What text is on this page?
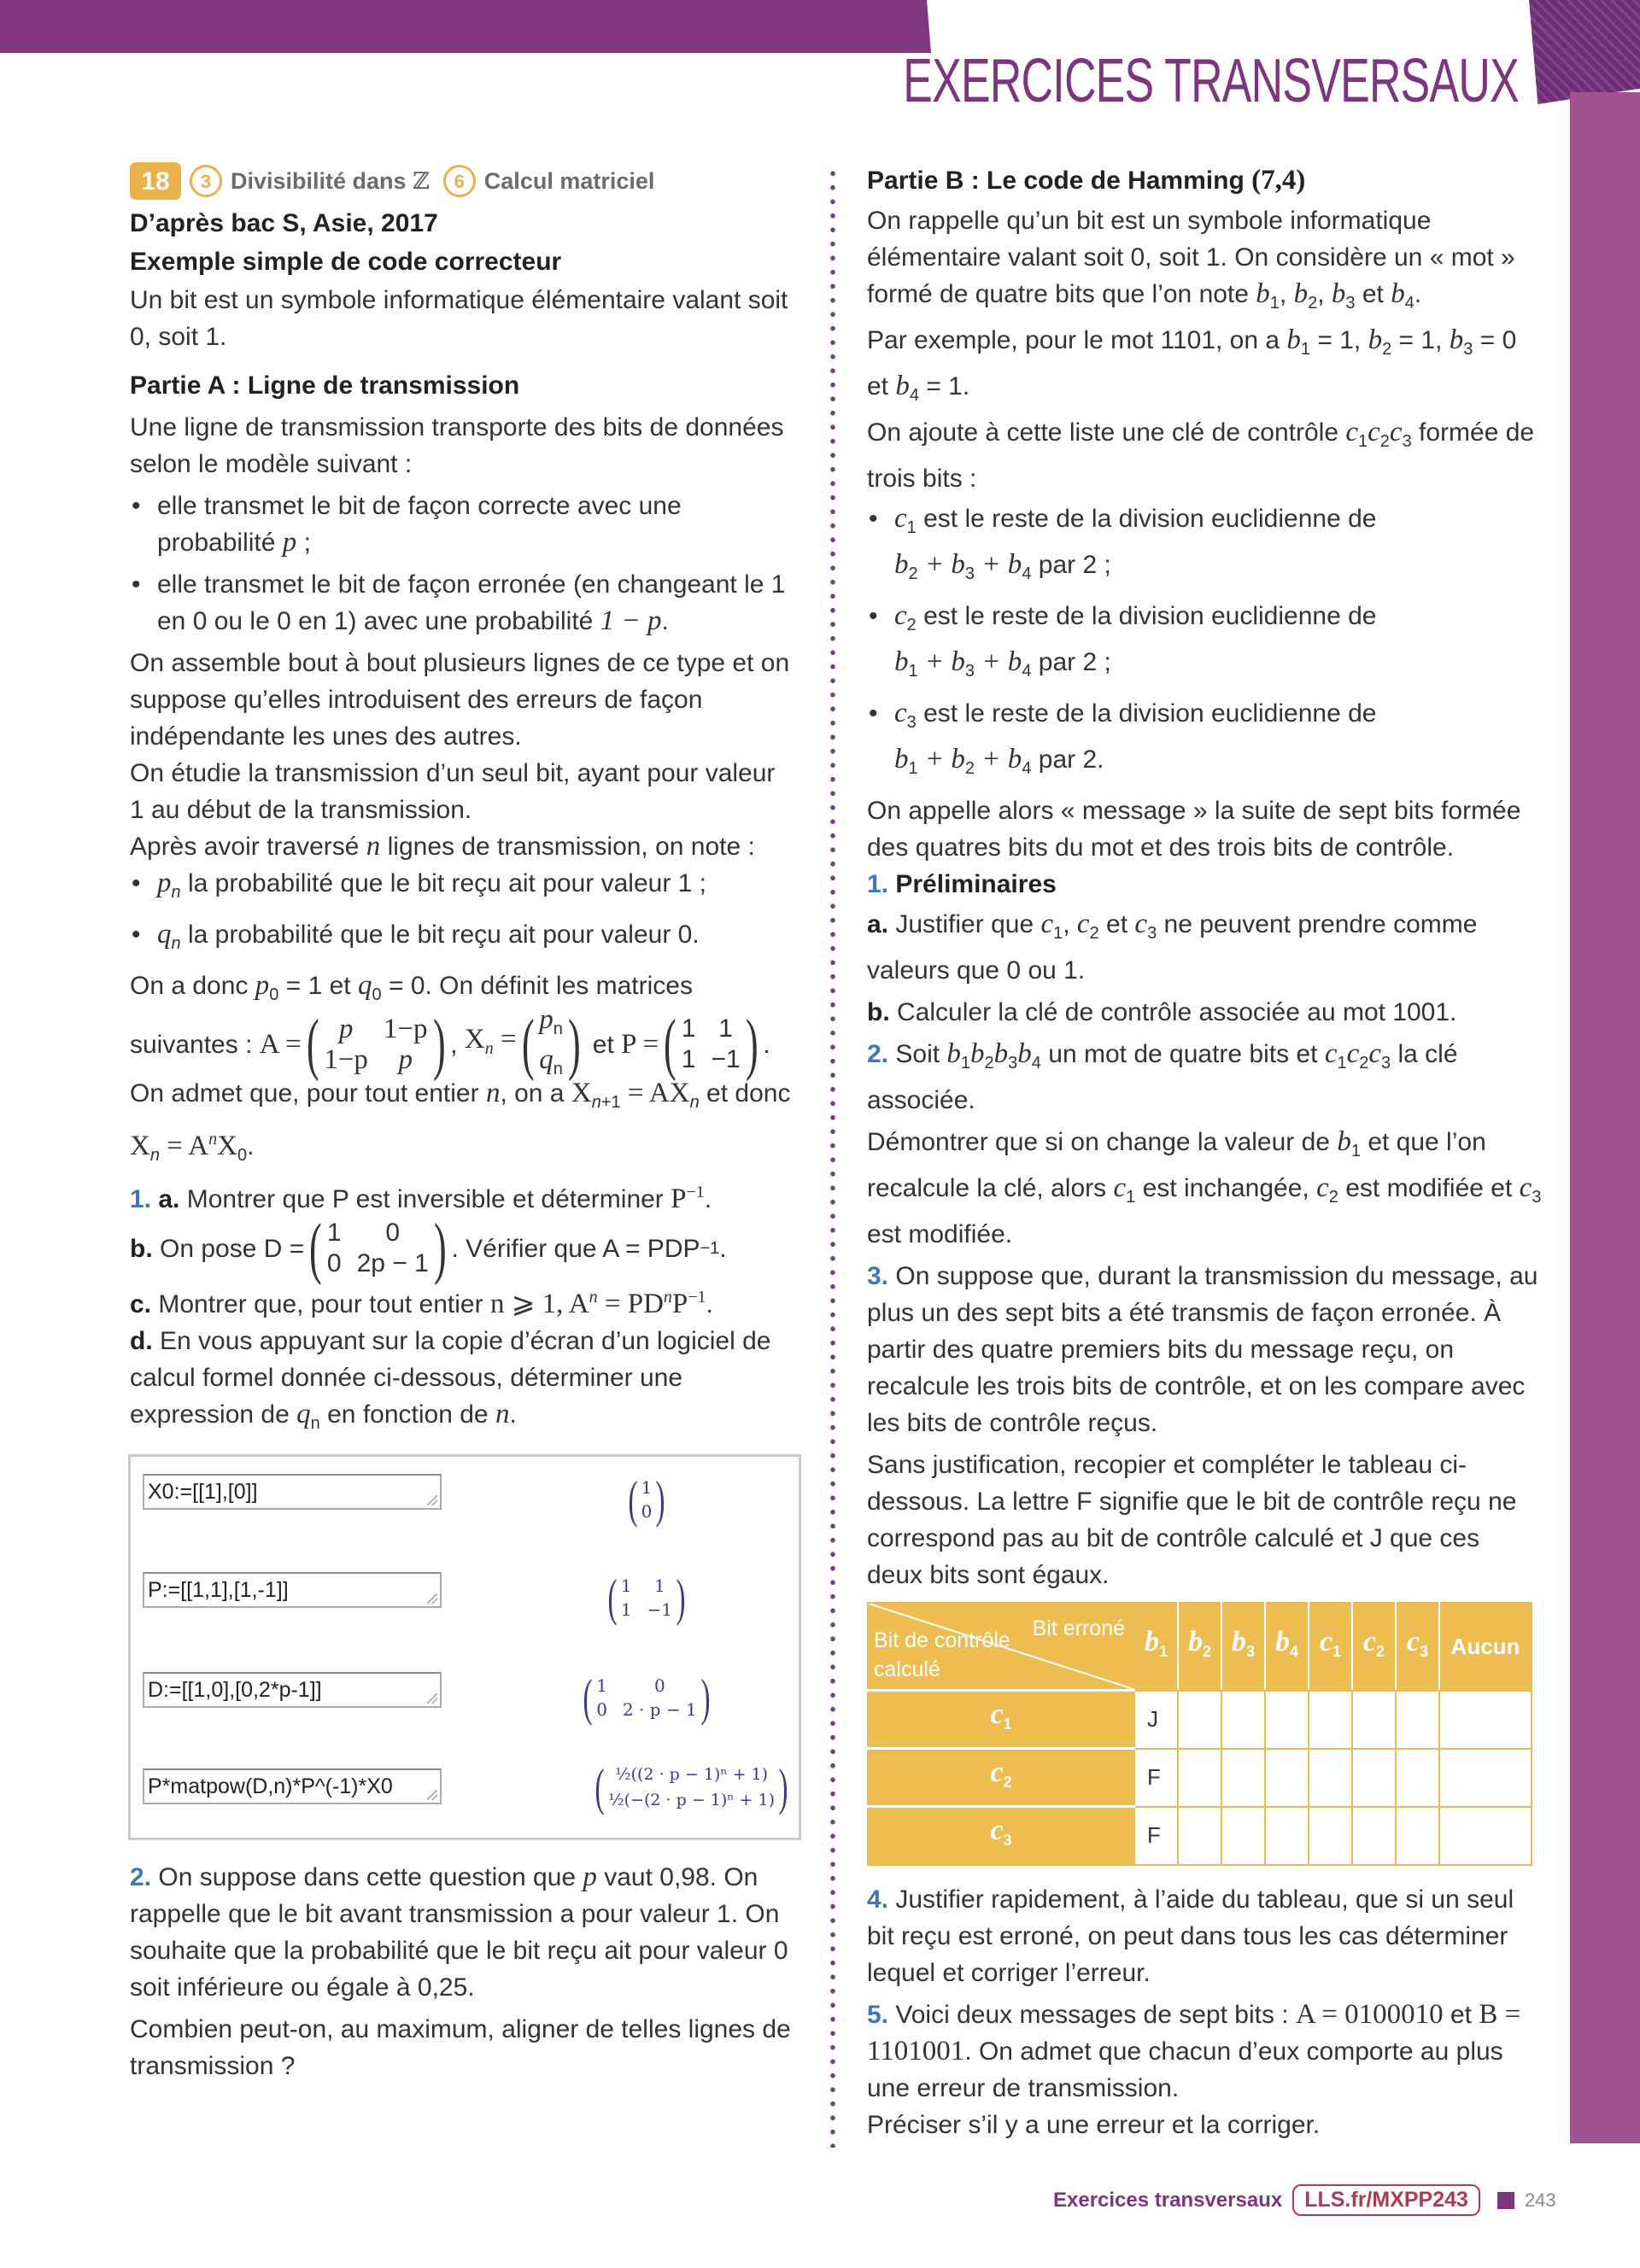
EXERCICES TRANSVERSAUX
18	3 Divisibilité dans ℤ	6 Calcul matriciel

D’après bac S, Asie, 2017

Exemple simple de code correcteur

Un bit est un symbole informatique élémentaire valant soit 0, soit 1.

Partie A : Ligne de transmission

Une ligne de transmission transporte des bits de données selon le modèle suivant :

• elle transmet le bit de façon correcte avec une probabilité p ;
• elle transmet le bit de façon erronée (en changeant le 1 en 0 ou le 0 en 1) avec une probabilité 1 − p.

On assemble bout à bout plusieurs lignes de ce type et on suppose qu’elles introduisent des erreurs de façon indépendante les unes des autres.

On étudie la transmission d’un seul bit, ayant pour valeur 1 au début de la transmission.

Après avoir traversé n lignes de transmission, on note :

• $p_n$ la probabilité que le bit reçu ait pour valeur 1 ;
• $q_n$ la probabilité que le bit reçu ait pour valeur 0.

On a donc $p_0 = 1$ et $q_0 = 0$. On définit les matrices

suivantes :
A = ( p	1−p
1−p	p ) , $X_n$ = ( $p_n$
$q_n$ ) et P = ( 1 1
1 −1 ) .

On admet que, pour tout entier n, on a $X_{n+1} = AX_n$ et donc $X_n = A^nX_0$.

1. a. Montrer que P est inversible et déterminer $P^{-1}$.

b.
On pose D = ( 1	0
0 2p − 1 ) . Vérifier que A = PDP −1 .

c. Montrer que, pour tout entier n ⩾ 1, $A^n = PD^nP^{-1}$.

d. En vous appuyant sur la copie d’écran d’un logiciel de calcul formel donnée ci-dessous, déterminer une expression de $q_n$ en fonction de n.

X0:=[[1],[0]]	( 1
0 )
P:=[[1,1],[1,-1]]	( 1	1
1 −1 )
D:=[[1,0],[0,2*p-1]]	( 1	0
0 2 · p − 1 )
P*matpow(D,n)*P^(-1)*X0	( ½((2 · p − 1)ⁿ + 1)
½(−(2 · p − 1)ⁿ + 1) )

2. On suppose dans cette question que p vaut 0,98. On rappelle que le bit avant transmission a pour valeur 1. On souhaite que la probabilité que le bit reçu ait pour valeur 0 soit inférieure ou égale à 0,25.

Combien peut-on, au maximum, aligner de telles lignes de transmission ?

Partie B : Le code de Hamming (7,4)

On rappelle qu’un bit est un symbole informatique élémentaire valant soit 0, soit 1. On considère un « mot » formé de quatre bits que l’on note $b_1$, $b_2$, $b_3$ et $b_4$.

Par exemple, pour le mot 1101, on a $b_1 = 1$, $b_2 = 1$, $b_3 = 0$ et $b_4 = 1$.

On ajoute à cette liste une clé de contrôle $c_1c_2c_3$ formée de trois bits :

• $c_1$ est le reste de la division euclidienne de
$b_2 + b_3 + b_4$ par 2 ;
• $c_2$ est le reste de la division euclidienne de
$b_1 + b_3 + b_4$ par 2 ;
• $c_3$ est le reste de la division euclidienne de
$b_1 + b_2 + b_4$ par 2.

On appelle alors « message » la suite de sept bits formée des quatres bits du mot et des trois bits de contrôle.

1. Préliminaires

a. Justifier que $c_1$, $c_2$ et $c_3$ ne peuvent prendre comme valeurs que 0 ou 1.

b. Calculer la clé de contrôle associée au mot 1001.

2. Soit $b_1b_2b_3b_4$ un mot de quatre bits et $c_1c_2c_3$ la clé associée.

Démontrer que si on change la valeur de $b_1$ et que l’on recalcule la clé, alors $c_1$ est inchangée, $c_2$ est modifiée et $c_3$ est modifiée.

3. On suppose que, durant la transmission du message, au plus un des sept bits a été transmis de façon erronée. À partir des quatre premiers bits du message reçu, on recalcule les trois bits de contrôle, et on les compare avec les bits de contrôle reçus.

Sans justification, recopier et compléter le tableau ci-dessous. La lettre F signifie que le bit de contrôle reçu ne correspond pas au bit de contrôle calculé et J que ces deux bits sont égaux.

Bit erroné
Bit de contrôle calculé	$b_1$	$b_2$	$b_3$	$b_4$	$c_1$	$c_2$	$c_3$	Aucun
$c_1$	J							
$c_2$	F							
$c_3$	F							

4. Justifier rapidement, à l’aide du tableau, que si un seul bit reçu est erroné, on peut dans tous les cas déterminer lequel et corriger l’erreur.

5. Voici deux messages de sept bits : A = 0100010 et B = 1101001. On admet que chacun d’eux comporte au plus une erreur de transmission.

Préciser s’il y a une erreur et la corriger.

Exercices transversaux	LLS.fr/MXPP243	243
